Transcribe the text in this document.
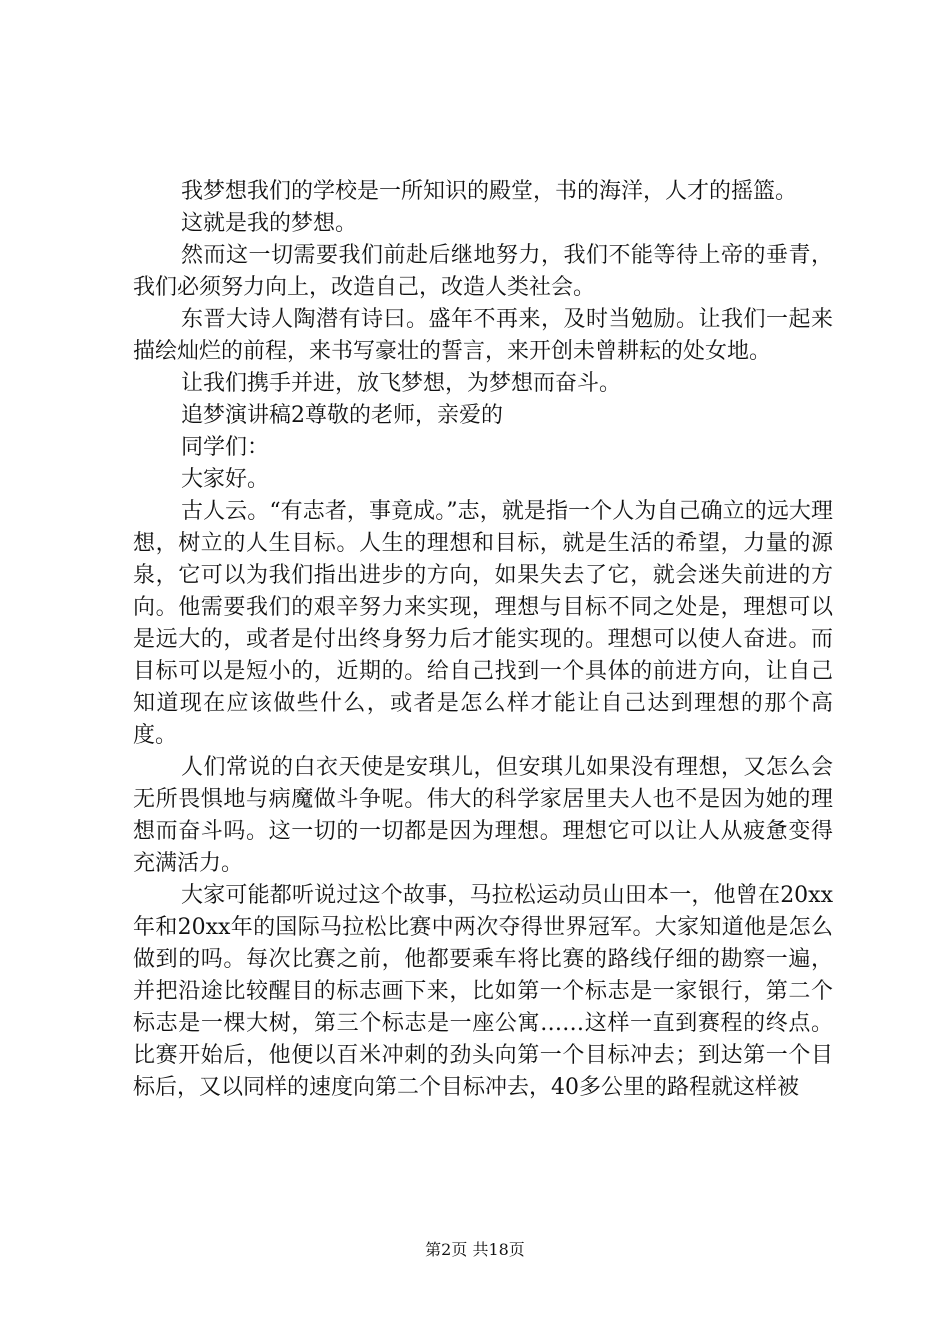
我梦想我们的学校是一所知识的殿堂，书的海洋，人才的摇篮。

这就是我的梦想。

然而这一切需要我们前赴后继地努力，我们不能等待上帝的垂青，我们必须努力向上，改造自己，改造人类社会。

东晋大诗人陶潜有诗曰。盛年不再来，及时当勉励。让我们一起来描绘灿烂的前程，来书写豪壮的誓言，来开创未曾耕耘的处女地。

让我们携手并进，放飞梦想，为梦想而奋斗。

追梦演讲稿2尊敬的老师，亲爱的

同学们：

大家好。

古人云。“有志者，事竟成。”志，就是指一个人为自己确立的远大理想，树立的人生目标。人生的理想和目标，就是生活的希望，力量的源泉，它可以为我们指出进步的方向，如果失去了它，就会迷失前进的方向。他需要我们的艰辛努力来实现，理想与目标不同之处是，理想可以是远大的，或者是付出终身努力后才能实现的。理想可以使人奋进。而目标可以是短小的，近期的。给自己找到一个具体的前进方向，让自己知道现在应该做些什么，或者是怎么样才能让自己达到理想的那个高度。

人们常说的白衣天使是安琪儿，但安琪儿如果没有理想，又怎么会无所畏惧地与病魔做斗争呢。伟大的科学家居里夫人也不是因为她的理想而奋斗吗。这一切的一切都是因为理想。理想它可以让人从疲惫变得充满活力。

大家可能都听说过这个故事，马拉松运动员山田本一，他曾在20xx年和20xx年的国际马拉松比赛中两次夺得世界冠军。大家知道他是怎么做到的吗。每次比赛之前，他都要乘车将比赛的路线仔细的勘察一遍，并把沿途比较醒目的标志画下来，比如第一个标志是一家银行，第二个标志是一棵大树，第三个标志是一座公寓……这样一直到赛程的终点。比赛开始后，他便以百米冲刺的劲头向第一个目标冲去；到达第一个目标后，又以同样的速度向第二个目标冲去，40多公里的路程就这样被

第2页 共18页
